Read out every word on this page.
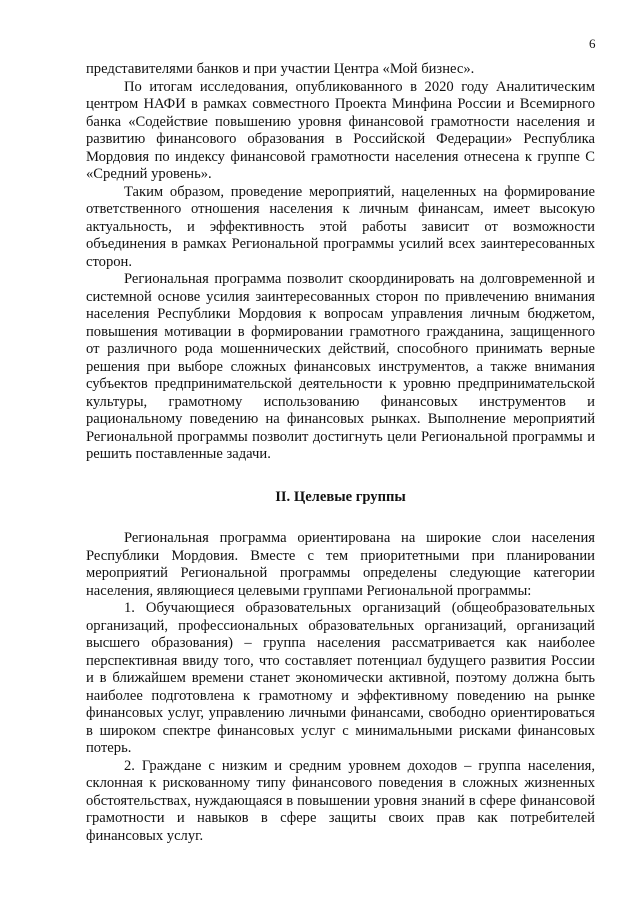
6

представителями банков и при участии Центра «Мой бизнес».

По итогам исследования, опубликованного в 2020 году Аналитическим центром НАФИ в рамках совместного Проекта Минфина России и Всемирного банка «Содействие повышению уровня финансовой грамотности населения и развитию финансового образования в Российской Федерации» Республика Мордовия по индексу финансовой грамотности населения отнесена к группе С «Средний уровень».

Таким образом, проведение мероприятий, нацеленных на формирование ответственного отношения населения к личным финансам, имеет высокую актуальность, и эффективность этой работы зависит от возможности объединения в рамках Региональной программы усилий всех заинтересованных сторон.

Региональная программа позволит скоординировать на долговременной и системной основе усилия заинтересованных сторон по привлечению внимания населения Республики Мордовия к вопросам управления личным бюджетом, повышения мотивации в формировании грамотного гражданина, защищенного от различного рода мошеннических действий, способного принимать верные решения при выборе сложных финансовых инструментов, а также внимания субъектов предпринимательской деятельности к уровню предпринимательской культуры, грамотному использованию финансовых инструментов и рациональному поведению на финансовых рынках. Выполнение мероприятий Региональной программы позволит достигнуть цели Региональной программы и решить поставленные задачи.

II. Целевые группы

Региональная программа ориентирована на широкие слои населения Республики Мордовия. Вместе с тем приоритетными при планировании мероприятий Региональной программы определены следующие категории населения, являющиеся целевыми группами Региональной программы:

1. Обучающиеся образовательных организаций (общеобразовательных организаций, профессиональных образовательных организаций, организаций высшего образования) – группа населения рассматривается как наиболее перспективная ввиду того, что составляет потенциал будущего развития России и в ближайшем времени станет экономически активной, поэтому должна быть наиболее подготовлена к грамотному и эффективному поведению на рынке финансовых услуг, управлению личными финансами, свободно ориентироваться в широком спектре финансовых услуг с минимальными рисками финансовых потерь.

2. Граждане с низким и средним уровнем доходов – группа населения, склонная к рискованному типу финансового поведения в сложных жизненных обстоятельствах, нуждающаяся в повышении уровня знаний в сфере финансовой грамотности и навыков в сфере защиты своих прав как потребителей финансовых услуг.
